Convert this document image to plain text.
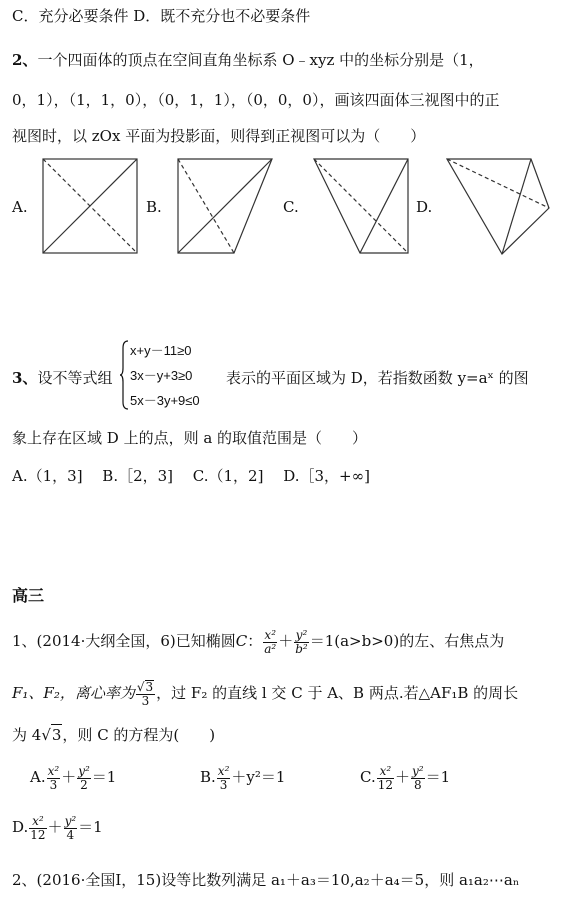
C．充分必要条件 D．既不充分也不必要条件
2、一个四面体的顶点在空间直角坐标系 O﹣xyz 中的坐标分别是（1，
0，1），（1，1，0），（0，1，1），（0，0，0），画该四面体三视图中的正
视图时，以 zOx 平面为投影面，则得到正视图可以为（　　）
A.	B.	C.	D.
3、设不等式组
x+y－11≥0
3x－y+3≥0
5x－3y+9≤0
表示的平面区域为 D，若指数函数 y=aˣ 的图
象上存在区域 D 上的点，则 a 的取值范围是（　　）
A.（1，3]　 B.［2，3]　 C.（1，2]　 D.［3，+∞]
高三
1、(2014·大纲全国，6)已知椭圆C： $\frac{\text{x²}}{\text{a²}} + \frac{\text{y²}}{\text{b²}} =1(a>b>0)$的左、右焦点为
F₁、F₂，离心率为 $\frac{√3}{3}$ ，过 F₂ 的直线 l 交 C 于 A、B 两点.若△AF₁B 的周长
为 4√3，则 C 的方程为(　　)
A. $\frac{\text{x²}}{3} + \frac{\text{y²}}{2} =1$	B. $\frac{\text{x²}}{3} +y^2=1$	C. $\frac{\text{x²}}{12} + \frac{\text{y²}}{8} =1$
D. $\frac{\text{x²}}{12} + \frac{\text{y²}}{4} =1$
2、(2016·全国Ⅰ，15)设等比数列满足 a₁＋a₃＝10,a₂＋a₄＝5，则 a₁a₂⋯aₙ
